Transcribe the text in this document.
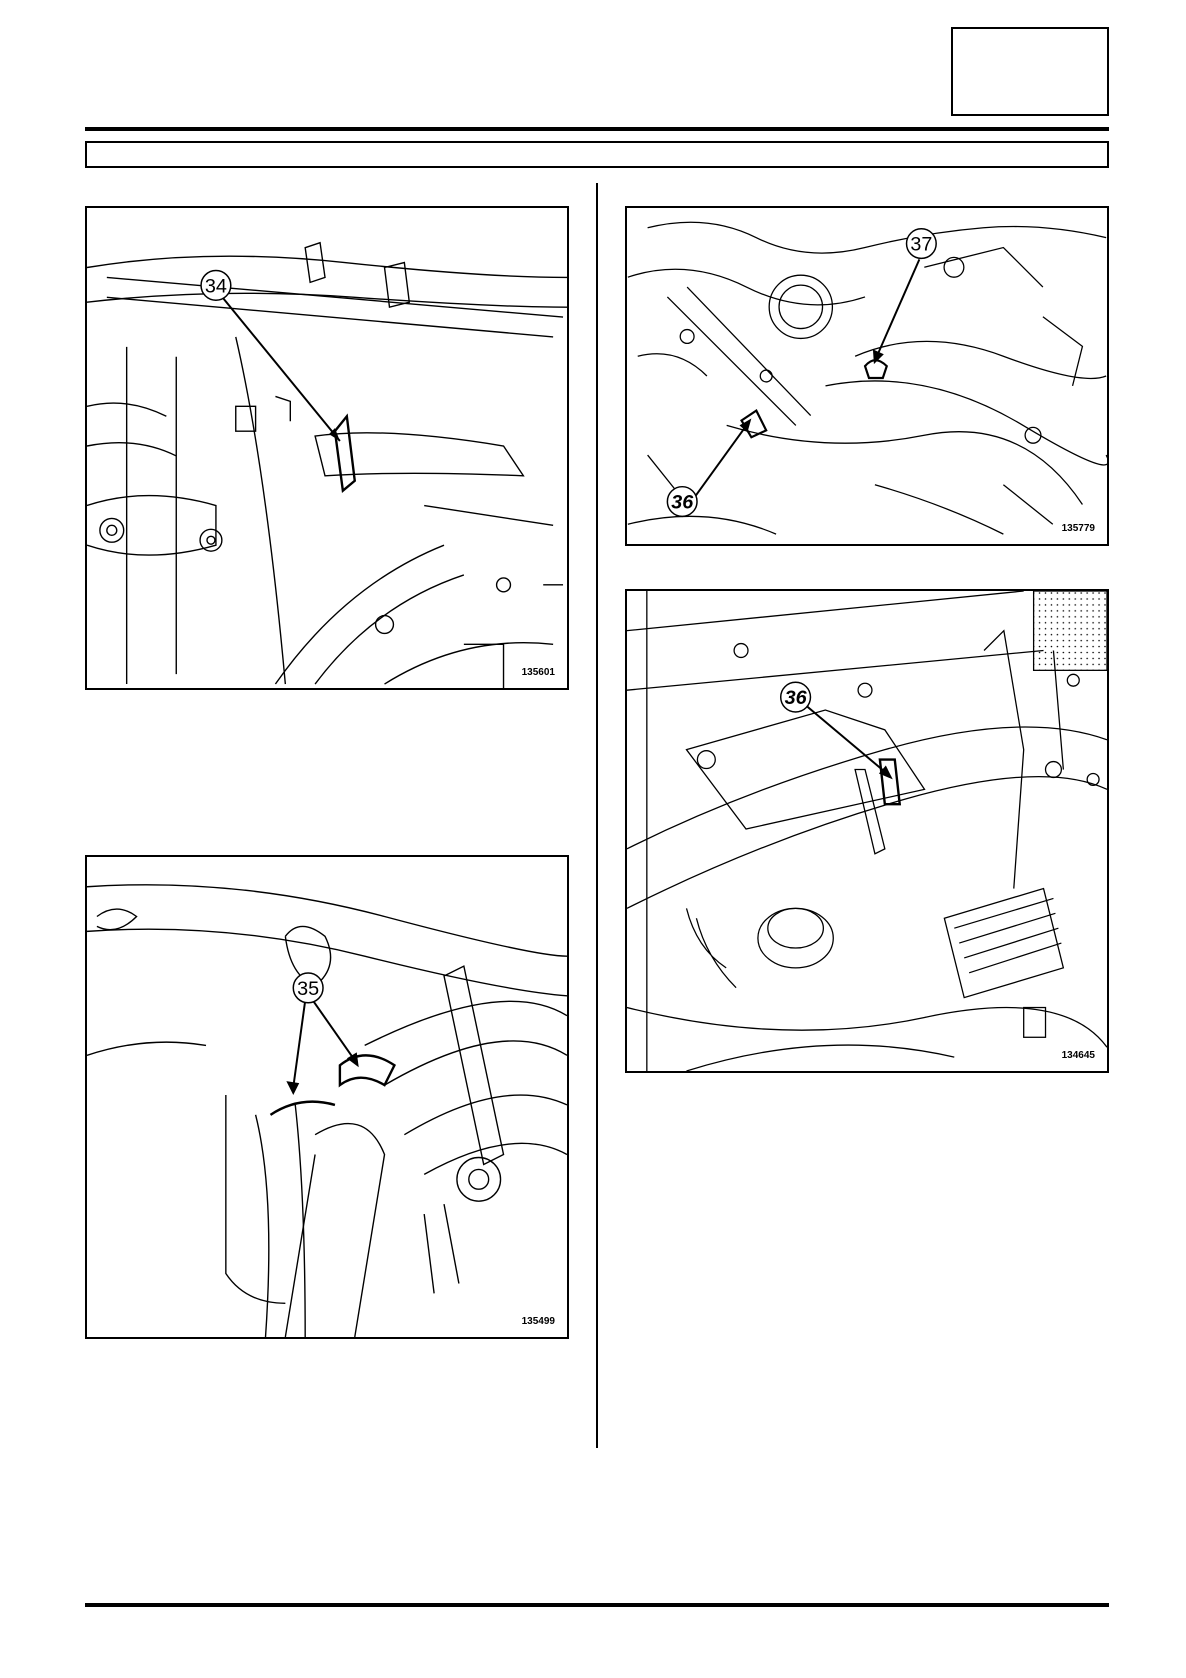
34
135601
35
135499
37
36
135779
36
134645
